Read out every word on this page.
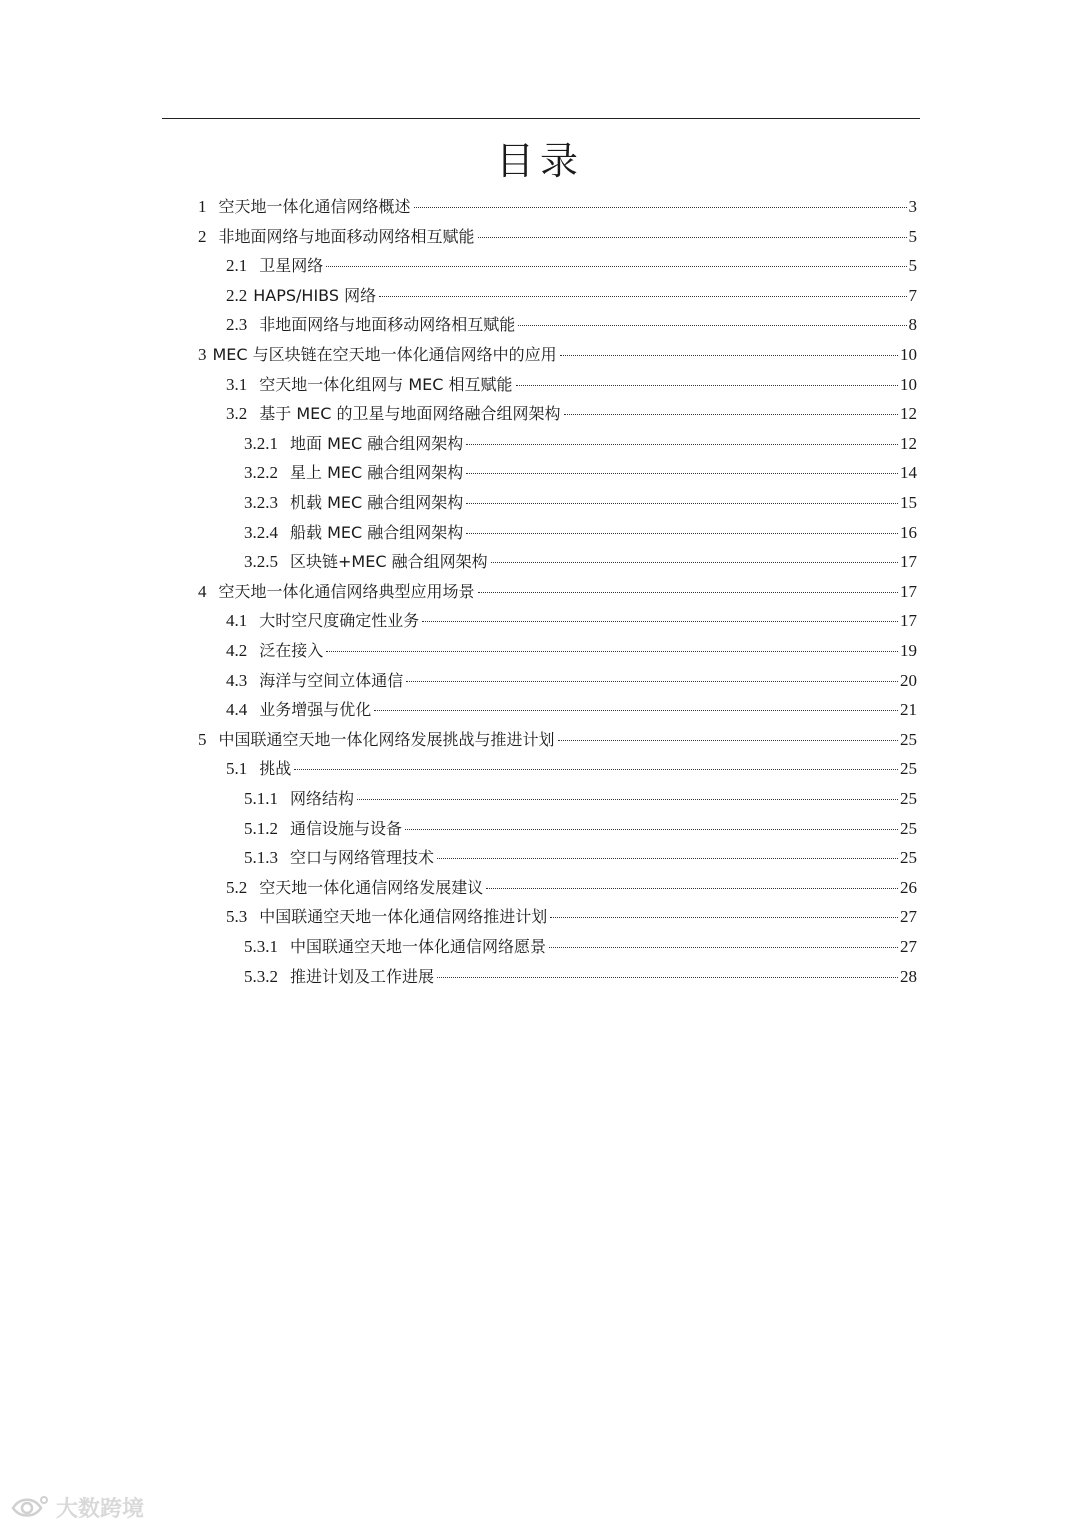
目录
1 空天地一体化通信网络概述	3
2 非地面网络与地面移动网络相互赋能	5
2.1 卫星网络	5
2.2 HAPS/HIBS 网络	7
2.3 非地面网络与地面移动网络相互赋能	8
3 MEC 与区块链在空天地一体化通信网络中的应用	10
3.1 空天地一体化组网与 MEC 相互赋能	10
3.2 基于 MEC 的卫星与地面网络融合组网架构	12
3.2.1 地面 MEC 融合组网架构	12
3.2.2 星上 MEC 融合组网架构	14
3.2.3 机载 MEC 融合组网架构	15
3.2.4 船载 MEC 融合组网架构	16
3.2.5 区块链+MEC 融合组网架构	17
4 空天地一体化通信网络典型应用场景	17
4.1 大时空尺度确定性业务	17
4.2 泛在接入	19
4.3 海洋与空间立体通信	20
4.4 业务增强与优化	21
5 中国联通空天地一体化网络发展挑战与推进计划	25
5.1 挑战	25
5.1.1 网络结构	25
5.1.2 通信设施与设备	25
5.1.3 空口与网络管理技术	25
5.2 空天地一体化通信网络发展建议	26
5.3 中国联通空天地一体化通信网络推进计划	27
5.3.1 中国联通空天地一体化通信网络愿景	27
5.3.2 推进计划及工作进展	28
大数跨境
